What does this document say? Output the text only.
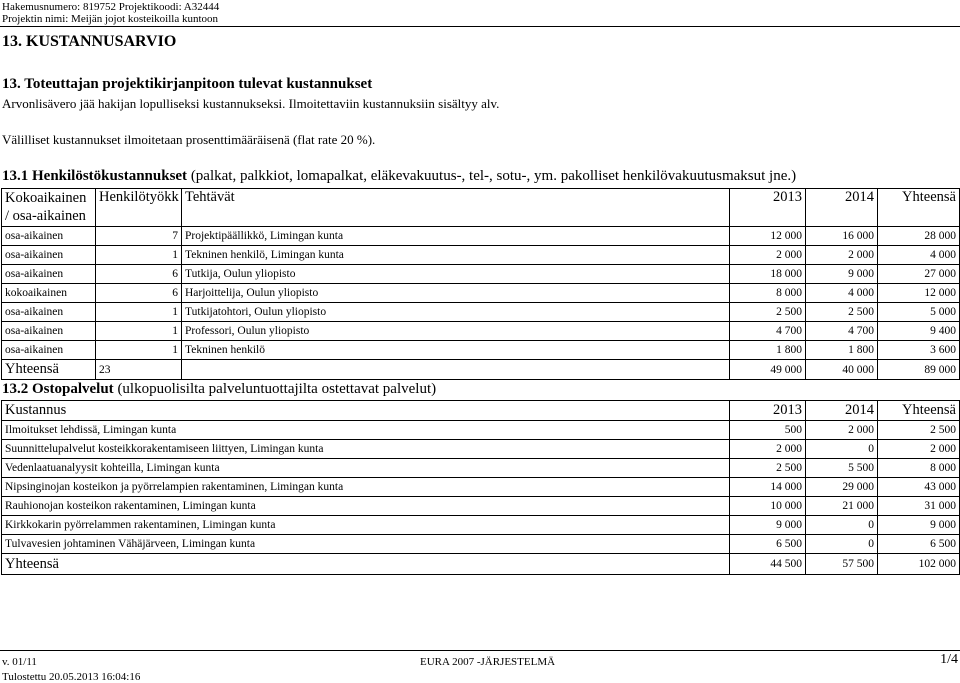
Hakemusnumero: 819752 Projektikoodi: A32444
Projektin nimi: Meijän jojot kosteikoilla kuntoon
13. KUSTANNUSARVIO
13. Toteuttajan projektikirjanpitoon tulevat kustannukset
Arvonlisävero jää hakijan lopulliseksi kustannukseksi. Ilmoitettaviin kustannuksiin sisältyy alv.
Välilliset kustannukset ilmoitetaan prosenttimääräisenä (flat rate 20 %).
13.1 Henkilöstökustannukset (palkat, palkkiot, lomapalkat, eläkevakuutus-, tel-, sotu-, ym. pakolliset henkilövakuutusmaksut jne.)
Kokoaikainen / osa-aikainen	Henkilötyökk	Tehtävät	2013	2014	Yhteensä
osa-aikainen	7	Projektipäällikkö, Limingan kunta	12 000	16 000	28 000
osa-aikainen	1	Tekninen henkilö, Limingan kunta	2 000	2 000	4 000
osa-aikainen	6	Tutkija, Oulun yliopisto	18 000	9 000	27 000
kokoaikainen	6	Harjoittelija, Oulun yliopisto	8 000	4 000	12 000
osa-aikainen	1	Tutkijatohtori, Oulun yliopisto	2 500	2 500	5 000
osa-aikainen	1	Professori, Oulun yliopisto	4 700	4 700	9 400
osa-aikainen	1	Tekninen henkilö	1 800	1 800	3 600
Yhteensä	23		49 000	40 000	89 000
13.2 Ostopalvelut (ulkopuolisilta palveluntuottajilta ostettavat palvelut)
Kustannus	2013	2014	Yhteensä
Ilmoitukset lehdissä, Limingan kunta	500	2 000	2 500
Suunnittelupalvelut kosteikkorakentamiseen liittyen, Limingan kunta	2 000	0	2 000
Vedenlaatuanalyysit kohteilla, Limingan kunta	2 500	5 500	8 000
Nipsinginojan kosteikon ja pyörrelampien rakentaminen, Limingan kunta	14 000	29 000	43 000
Rauhionojan kosteikon rakentaminen, Limingan kunta	10 000	21 000	31 000
Kirkkokarin pyörrelammen rakentaminen, Limingan kunta	9 000	0	9 000
Tulvavesien johtaminen Vähäjärveen, Limingan kunta	6 500	0	6 500
Yhteensä	44 500	57 500	102 000
v. 01/11	EURA 2007 -JÄRJESTELMÄ	1/4
Tulostettu 20.05.2013 16:04:16
